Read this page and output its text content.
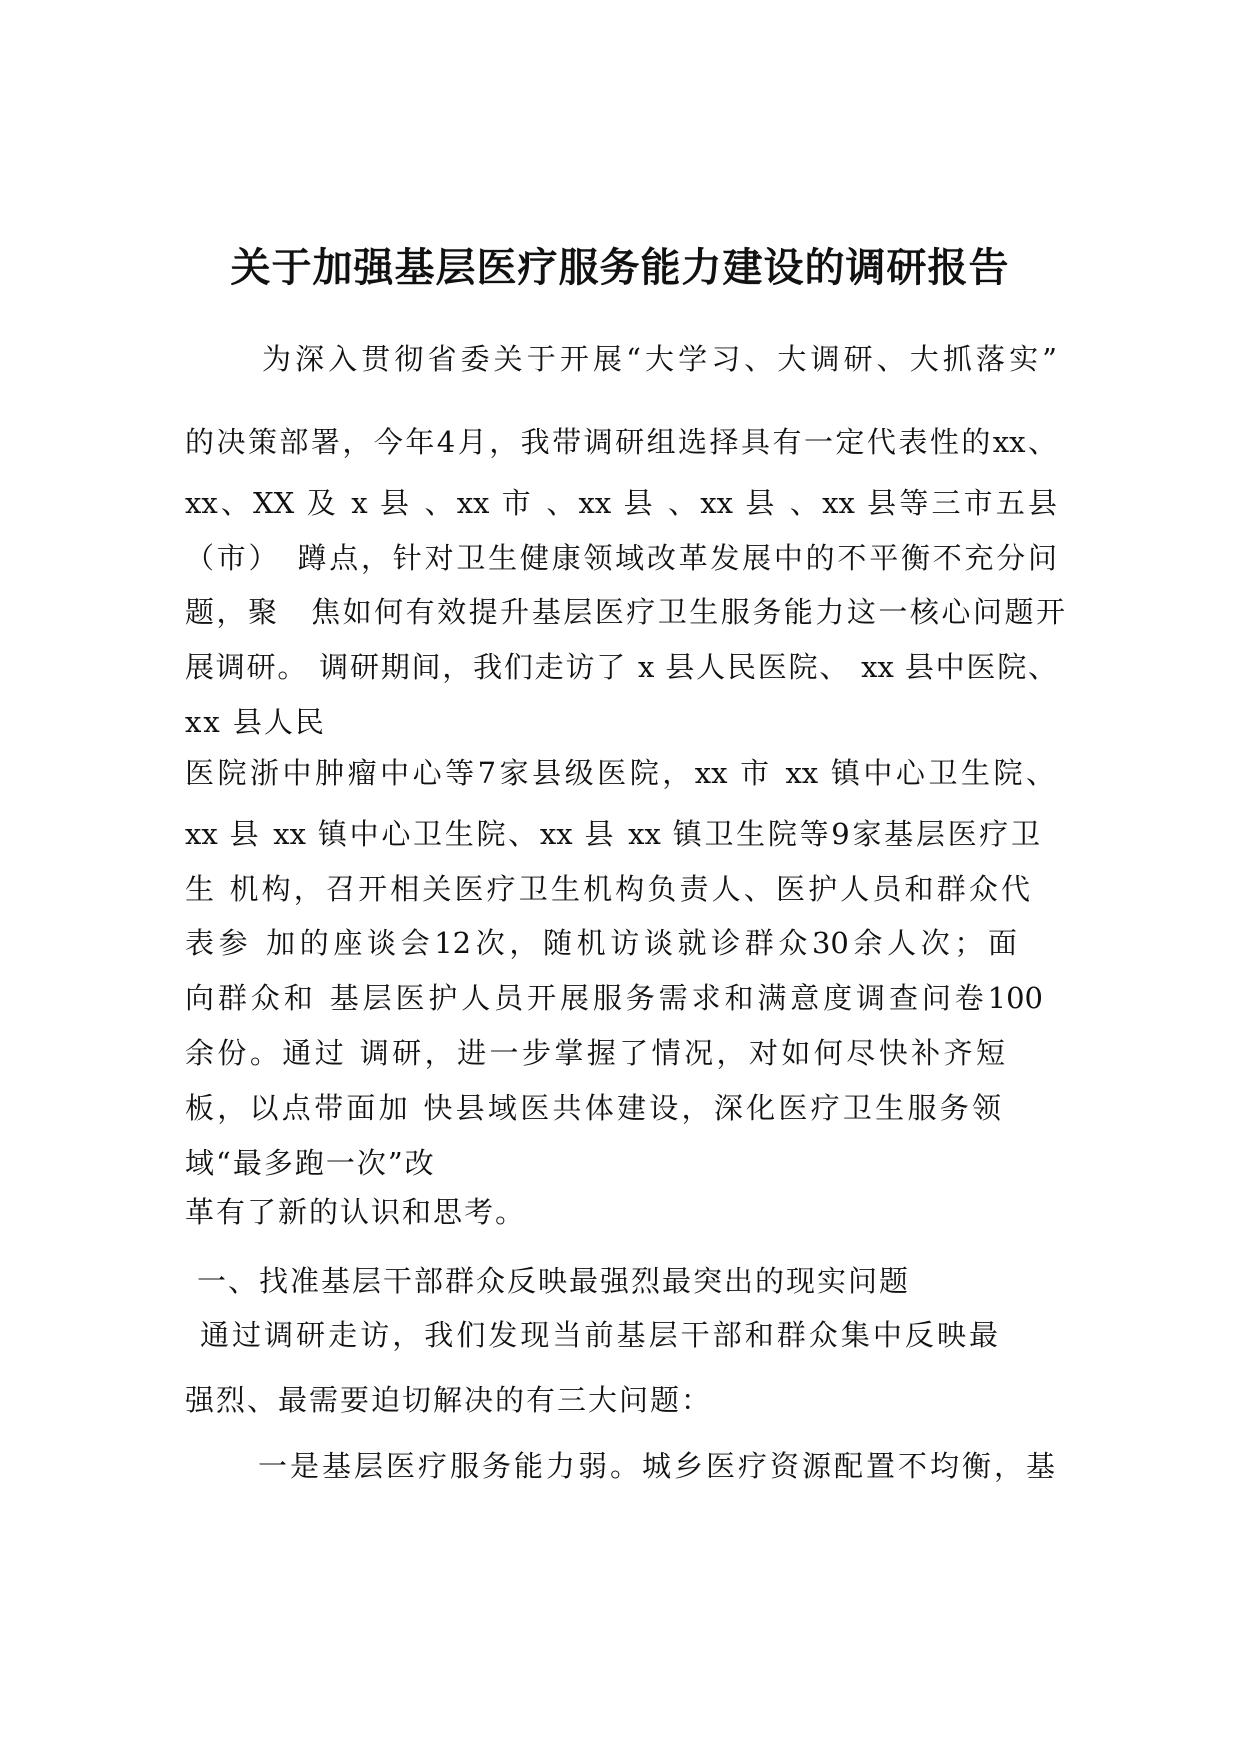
关于加强基层医疗服务能力建设的调研报告
为深入贯彻省委关于开展“大学习、大调研、大抓落实”
的决策部署，今年4月，我带调研组选择具有一定代表性的xx、
xx、XX 及 x 县 、xx 市 、xx 县 、xx 县 、xx 县等三市五县
（市）　蹲点，针对卫生健康领域改革发展中的不平衡不充分问
题，聚　焦如何有效提升基层医疗卫生服务能力这一核心问题开
展调研。 调研期间，我们走访了 x 县人民医院、 xx 县中医院、
xx 县人民
医院浙中肿瘤中心等7家县级医院，xx 市 xx 镇中心卫生院、
xx 县 xx 镇中心卫生院、xx 县 xx 镇卫生院等9家基层医疗卫
生 机构，召开相关医疗卫生机构负责人、医护人员和群众代
表参 加的座谈会12次，随机访谈就诊群众30余人次；面
向群众和 基层医护人员开展服务需求和满意度调查问卷100
余份。通过 调研，进一步掌握了情况，对如何尽快补齐短
板，以点带面加 快县域医共体建设，深化医疗卫生服务领
域“最多跑一次”改
革有了新的认识和思考。
一、找准基层干部群众反映最强烈最突出的现实问题
通过调研走访，我们发现当前基层干部和群众集中反映最
强烈、最需要迫切解决的有三大问题：
一是基层医疗服务能力弱。城乡医疗资源配置不均衡，基
